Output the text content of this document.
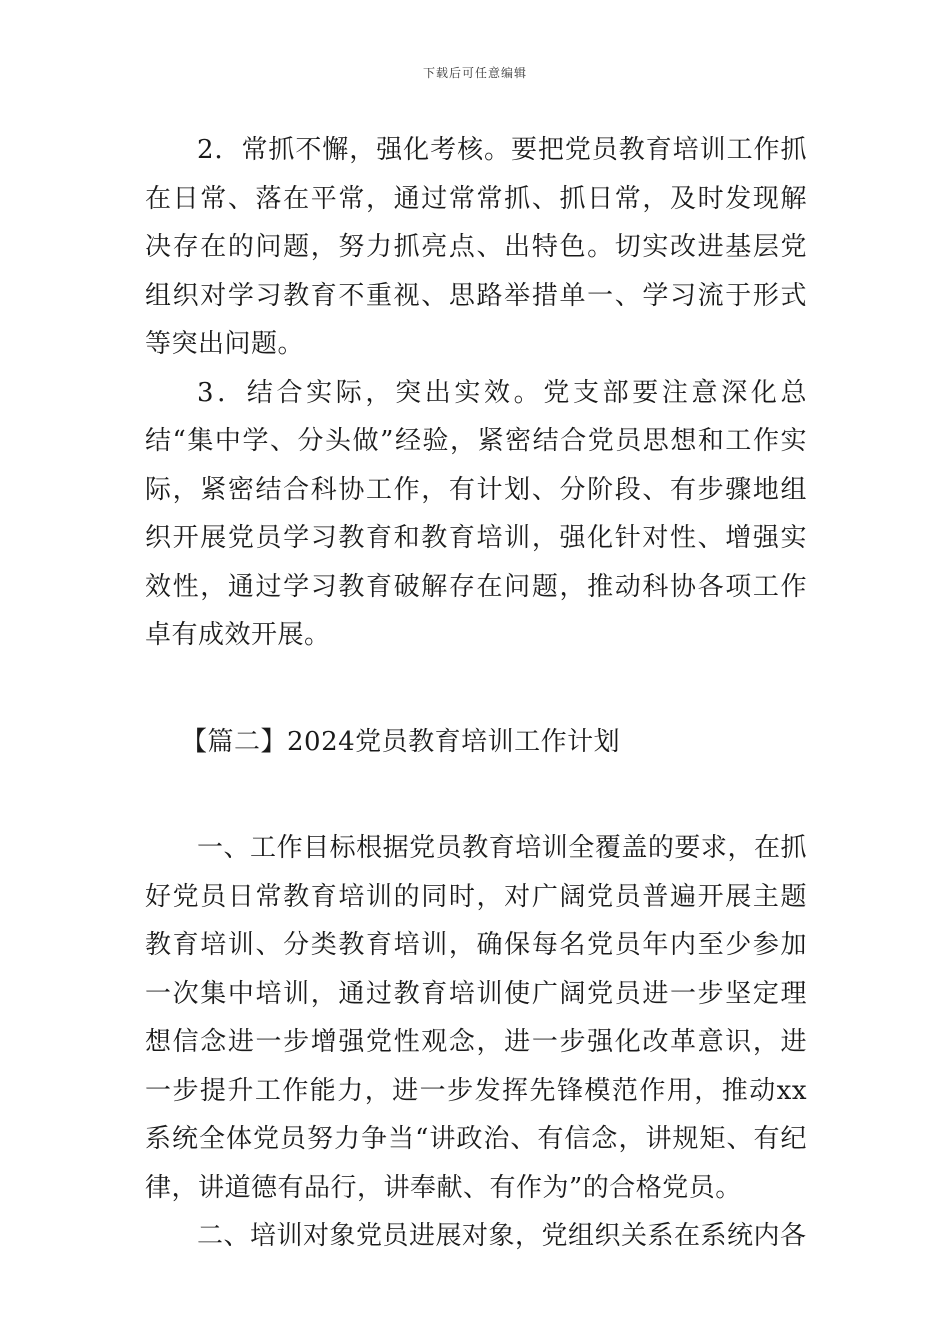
下载后可任意编辑

2．常抓不懈，强化考核。要把党员教育培训工作抓在日常、落在平常，通过常常抓、抓日常，及时发现解决存在的问题，努力抓亮点、出特色。切实改进基层党组织对学习教育不重视、思路举措单一、学习流于形式等突出问题。

3．结合实际，突出实效。党支部要注意深化总结“集中学、分头做”经验，紧密结合党员思想和工作实际，紧密结合科协工作，有计划、分阶段、有步骤地组织开展党员学习教育和教育培训，强化针对性、增强实效性，通过学习教育破解存在问题，推动科协各项工作卓有成效开展。

【篇二】2024党员教育培训工作计划

一、工作目标根据党员教育培训全覆盖的要求，在抓好党员日常教育培训的同时，对广阔党员普遍开展主题教育培训、分类教育培训，确保每名党员年内至少参加一次集中培训，通过教育培训使广阔党员进一步坚定理想信念进一步增强党性观念，进一步强化改革意识，进一步提升工作能力，进一步发挥先锋模范作用，推动xx系统全体党员努力争当“讲政治、有信念，讲规矩、有纪律，讲道德有品行，讲奉献、有作为”的合格党员。

二、培训对象党员进展对象，党组织关系在系统内各
